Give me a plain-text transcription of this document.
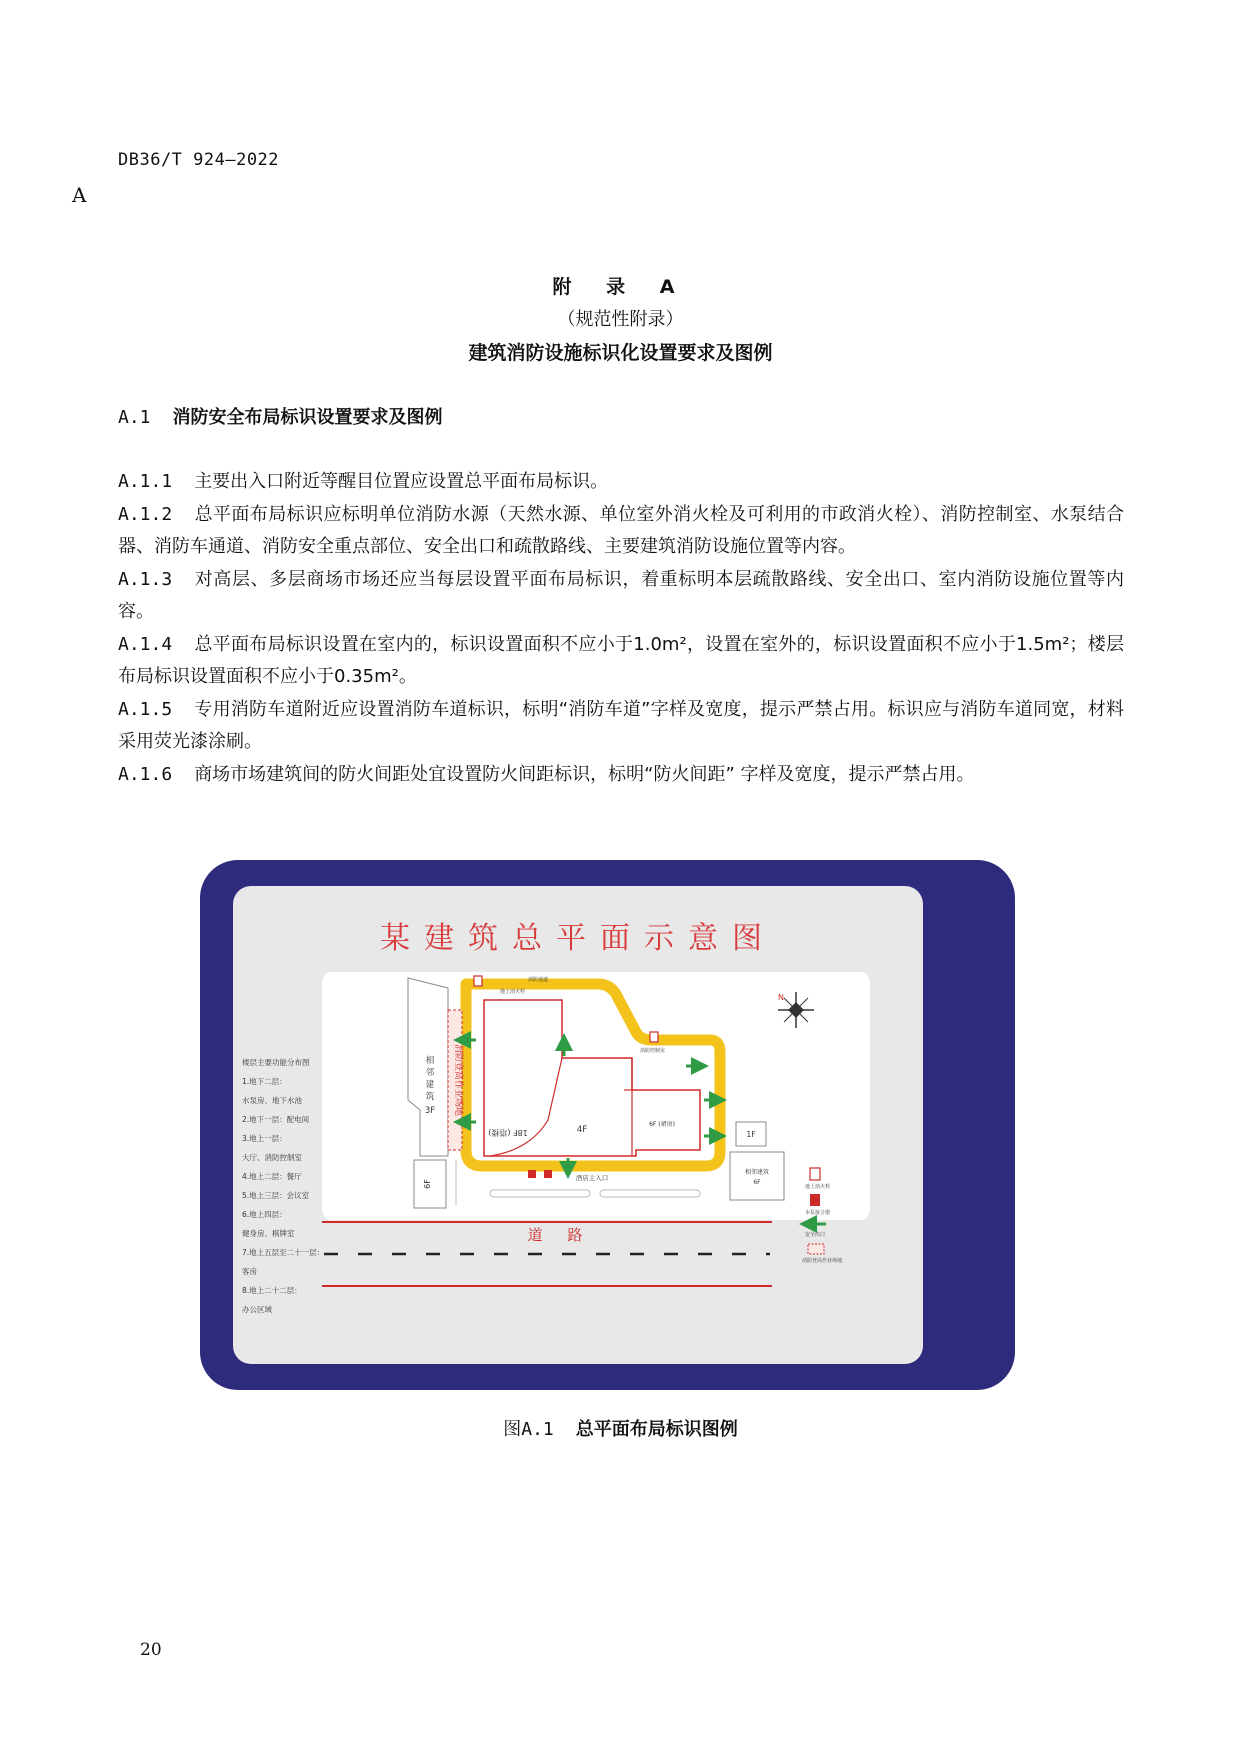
DB36/T 924—2022
A
附 录 A
（规范性附录）
建筑消防设施标识化设置要求及图例
A.1 消防安全布局标识设置要求及图例

A.1.1 主要出入口附近等醒目位置应设置总平面布局标识。

A.1.2 总平面布局标识应标明单位消防水源（天然水源、单位室外消火栓及可利用的市政消火栓）、消防控制室、水泵结合器、消防车通道、消防安全重点部位、安全出口和疏散路线、主要建筑消防设施位置等内容。

A.1.3 对高层、多层商场市场还应当每层设置平面布局标识，着重标明本层疏散路线、安全出口、室内消防设施位置等内容。

A.1.4 总平面布局标识设置在室内的，标识设置面积不应小于1.0m²，设置在室外的，标识设置面积不应小于1.5m²；楼层布局标识设置面积不应小于0.35m²。

A.1.5 专用消防车道附近应设置消防车道标识，标明“消防车道”字样及宽度，提示严禁占用。标识应与消防车道同宽，材料采用荧光漆涂刷。

A.1.6 商场市场建筑间的防火间距处宜设置防火间距标识，标明“防火间距” 字样及宽度，提示严禁占用。

某建筑总平面示意图
楼层主要功能分布图
1.地下二层：
水泵房、地下水池
2.地下一层：配电间
3.地上一层：
大厅、消防控制室
4.地上二层：餐厅
5.地上三层：会议室
6.地上四层：
健身房、棋牌室
7.地上五层至二十一层：
客房
8.地上二十二层：
办公区域
相
邻
建
筑
3F
6F
消防登高作业场地
18F (塔楼)	4F
6F (裙房)
酒店主入口
地上消火栓
消防通道
消防控制室
1F
相邻建筑
6F
N
道 路
地上消火栓
水泵接合器
安全出口
消防登高作业场地
图A.1 总平面布局标识图例
20
